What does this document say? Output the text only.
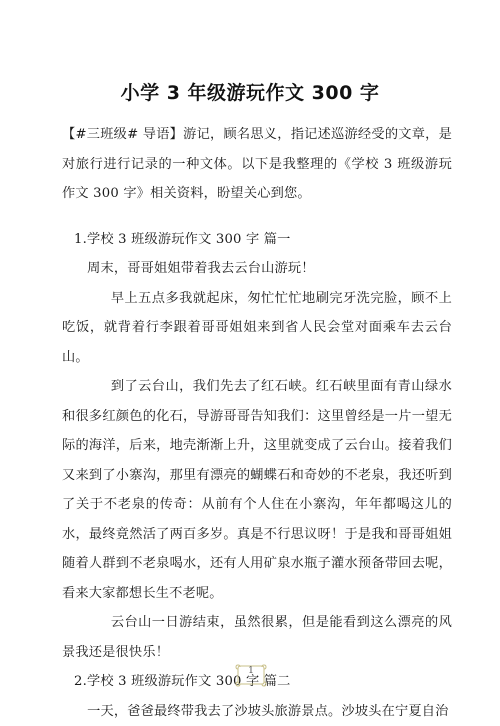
小学 3 年级游玩作文 300 字

【#三班级# 导语】游记，顾名思义，指记述巡游经受的文章，是对旅行进行记录的一种文体。以下是我整理的《学校 3 班级游玩作文 300 字》相关资料，盼望关心到您。

1.学校 3 班级游玩作文 300 字 篇一

周末，哥哥姐姐带着我去云台山游玩！

早上五点多我就起床，匆忙忙忙地刷完牙洗完脸，顾不上吃饭，就背着行李跟着哥哥姐姐来到省人民会堂对面乘车去云台山。

到了云台山，我们先去了红石峡。红石峡里面有青山绿水和很多红颜色的化石，导游哥哥告知我们：这里曾经是一片一望无际的海洋，后来，地壳渐渐上升，这里就变成了云台山。接着我们又来到了小寨沟，那里有漂亮的蝴蝶石和奇妙的不老泉，我还听到了关于不老泉的传奇：从前有个人住在小寨沟，年年都喝这儿的水，最终竟然活了两百多岁。真是不行思议呀！于是我和哥哥姐姐随着人群到不老泉喝水，还有人用矿泉水瓶子灌水预备带回去呢，看来大家都想长生不老呢。

云台山一日游结束，虽然很累，但是能看到这么漂亮的风景我还是很快乐！

2.学校 3 班级游玩作文 300 字 篇二

一天，爸爸最终带我去了沙坡头旅游景点。沙坡头在宁夏自治

1
